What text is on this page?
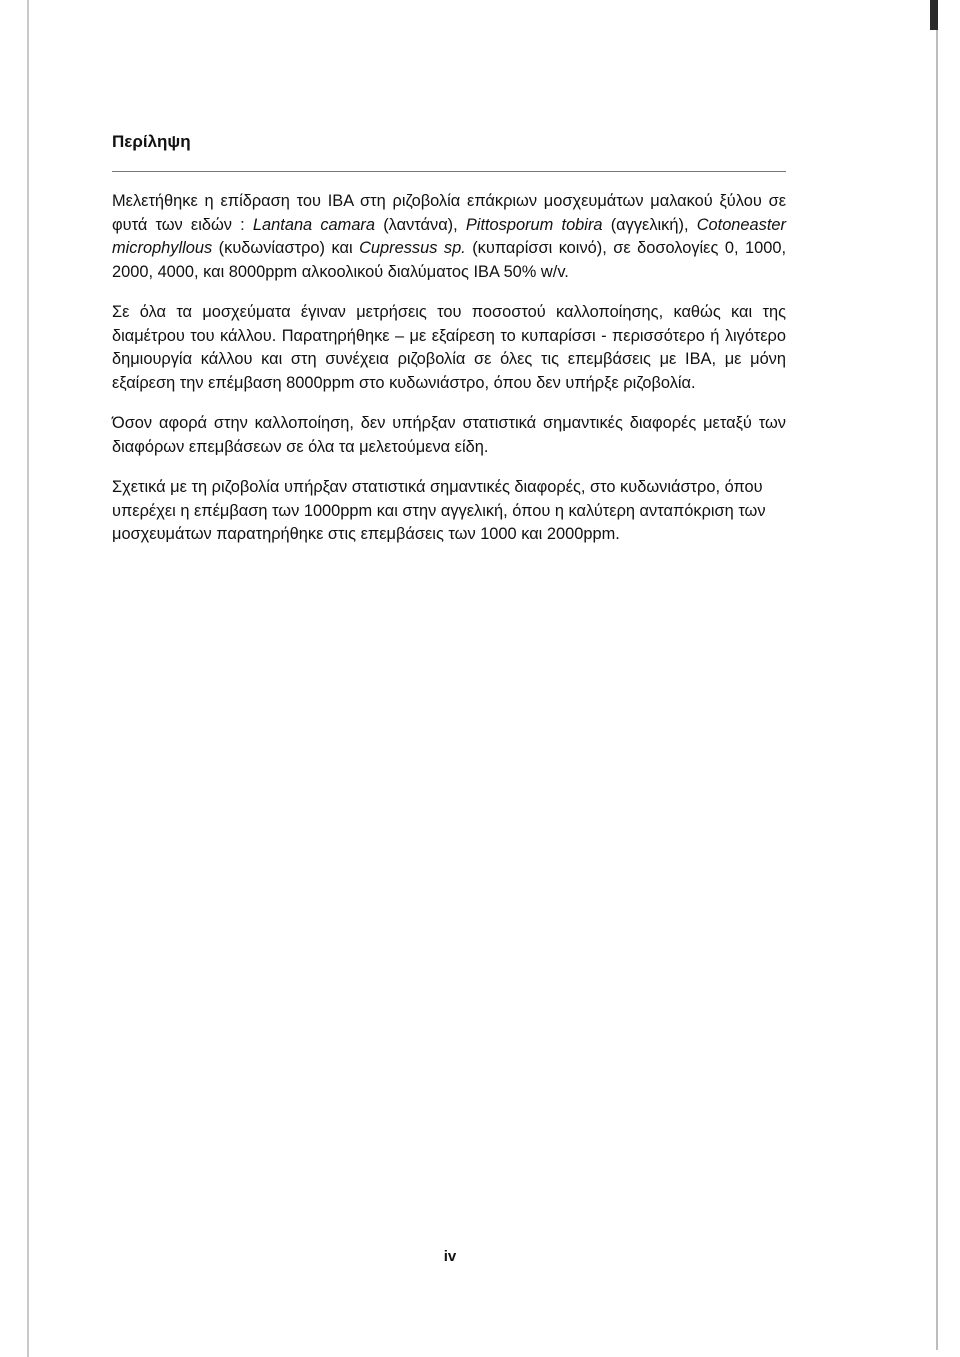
Περίληψη

Μελετήθηκε η επίδραση του IBA στη ριζοβολία επάκριων μοσχευμάτων μαλακού ξύλου σε φυτά των ειδών : Lantana camara (λαντάνα), Pittosporum tobira (αγγελική), Cotoneaster microphyllous (κυδωνίαστρο) και Cupressus sp. (κυπαρίσσι κοινό), σε δοσολογίες 0, 1000, 2000, 4000, και 8000ppm αλκοολικού διαλύματος IBA 50% w/v.

Σε όλα τα μοσχεύματα έγιναν μετρήσεις του ποσοστού καλλοποίησης, καθώς και της διαμέτρου του κάλλου. Παρατηρήθηκε – με εξαίρεση το κυπαρίσσι - περισσότερο ή λιγότερο δημιουργία κάλλου και στη συνέχεια ριζοβολία σε όλες τις επεμβάσεις με IBA, με μόνη εξαίρεση την επέμβαση 8000ppm στο κυδωνιάστρο, όπου δεν υπήρξε ριζοβολία.

Όσον αφορά στην καλλοποίηση, δεν υπήρξαν στατιστικά σημαντικές διαφορές μεταξύ των διαφόρων επεμβάσεων σε όλα τα μελετούμενα είδη.

Σχετικά με τη ριζοβολία υπήρξαν στατιστικά σημαντικές διαφορές, στο κυδωνιάστρο, όπου υπερέχει η επέμβαση των 1000ppm και στην αγγελική, όπου η καλύτερη ανταπόκριση των μοσχευμάτων παρατηρήθηκε στις επεμβάσεις των 1000 και 2000ppm.

iv
